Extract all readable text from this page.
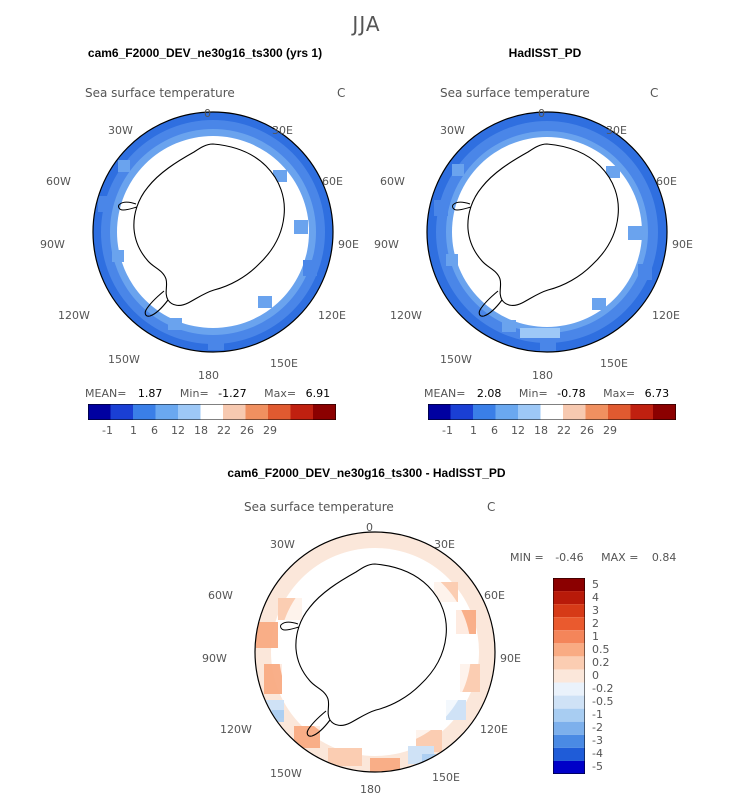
JJA
cam6_F2000_DEV_ne30g16_ts300 (yrs 1)
Sea surface temperature	C
0
30E
60E
90E
120E
150E
180
150W
120W
90W
60W
30W
MEAN= 1.87 Min= -1.27 Max= 6.91
-1 1 6 12 18 22 26 29
HadISST_PD
Sea surface temperature	C
0
30E
60E
90E
120E
150E
180
150W
120W
90W
60W
30W
MEAN= 2.08 Min= -0.78 Max= 6.73
-1 1 6 12 18 22 26 29
cam6_F2000_DEV_ne30g16_ts300 - HadISST_PD
Sea surface temperature	C
0
30E
60E
90E
120E
150E
180
150W
120W
90W
60W
30W
MIN = -0.46 MAX = 0.84
5
4
3
2
1
0.5
0.2
0
-0.2
-0.5
-1
-2
-3
-4
-5
